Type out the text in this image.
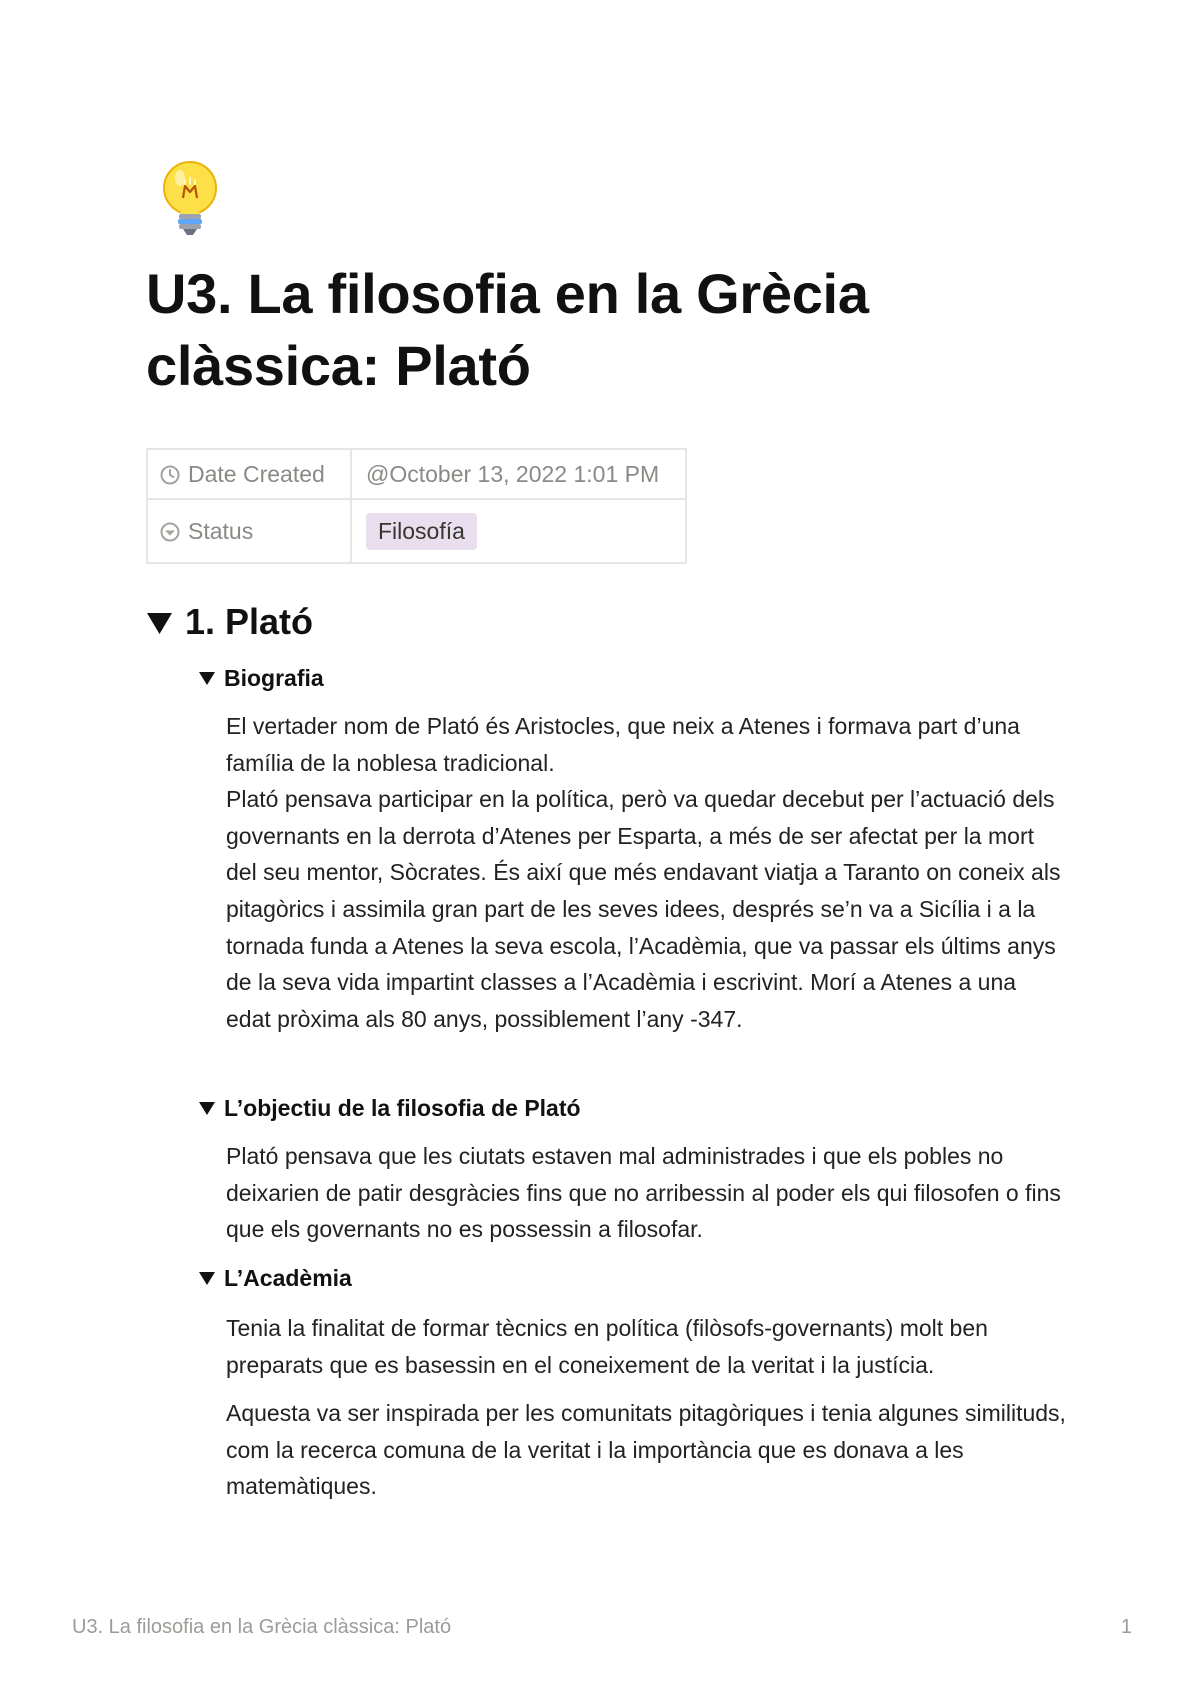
U3. La filosofia en la Grècia clàssica: Plató
Date Created	@October 13, 2022 1:01 PM
Status	Filosofía
1. Plató
Biografia

El vertader nom de Plató és Aristocles, que neix a Atenes i formava part d’una família de la noblesa tradicional.
Plató pensava participar en la política, però va quedar decebut per l’actuació dels governants en la derrota d’Atenes per Esparta, a més de ser afectat per la mort del seu mentor, Sòcrates. És així que més endavant viatja a Taranto on coneix als pitagòrics i assimila gran part de les seves idees, després se’n va a Sicília i a la tornada funda a Atenes la seva escola, l’Acadèmia, que va passar els últims anys de la seva vida impartint classes a l’Acadèmia i escrivint. Morí a Atenes a una edat pròxima als 80 anys, possiblement l’any -347.

L’objectiu de la filosofia de Plató

Plató pensava que les ciutats estaven mal administrades i que els pobles no deixarien de patir desgràcies fins que no arribessin al poder els qui filosofen o fins que els governants no es possessin a filosofar.

L’Acadèmia

Tenia la finalitat de formar tècnics en política (filòsofs-governants) molt ben preparats que es basessin en el coneixement de la veritat i la justícia.

Aquesta va ser inspirada per les comunitats pitagòriques i tenia algunes similituds, com la recerca comuna de la veritat i la importància que es donava a les matemàtiques.

U3. La filosofia en la Grècia clàssica: Plató	1
